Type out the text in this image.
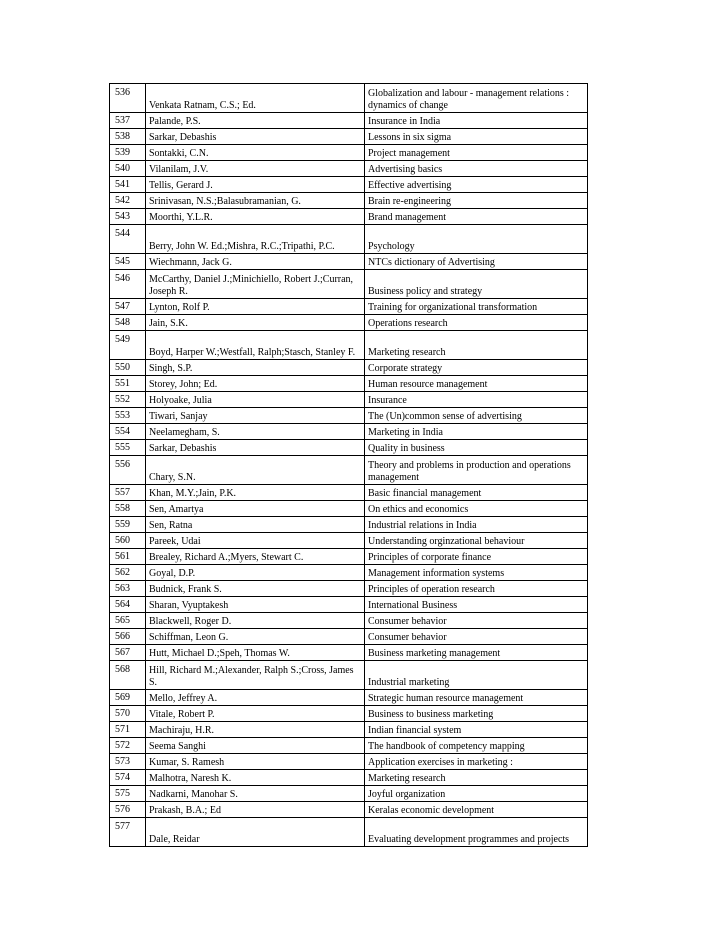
536	Venkata Ratnam, C.S.; Ed.	Globalization and labour - management relations : dynamics of change
537	Palande, P.S.	Insurance in India
538	Sarkar, Debashis	Lessons in six sigma
539	Sontakki, C.N.	Project management
540	Vilanilam, J.V.	Advertising basics
541	Tellis, Gerard J.	Effective advertising
542	Srinivasan, N.S.;Balasubramanian, G.	Brain re-engineering
543	Moorthi, Y.L.R.	Brand management
544	Berry, John W. Ed.;Mishra, R.C.;Tripathi, P.C.	Psychology
545	Wiechmann, Jack G.	NTCs dictionary of Advertising
546	McCarthy, Daniel J.;Minichiello, Robert J.;Curran, Joseph R.	Business policy and strategy
547	Lynton, Rolf P.	Training for organizational transformation
548	Jain, S.K.	Operations research
549	Boyd, Harper W.;Westfall, Ralph;Stasch, Stanley F.	Marketing research
550	Singh, S.P.	Corporate strategy
551	Storey, John; Ed.	Human resource management
552	Holyoake, Julia	Insurance
553	Tiwari, Sanjay	The (Un)common sense of advertising
554	Neelamegham, S.	Marketing in India
555	Sarkar, Debashis	Quality in business
556	Chary, S.N.	Theory and problems in production and operations management
557	Khan, M.Y.;Jain, P.K.	Basic financial management
558	Sen, Amartya	On ethics and economics
559	Sen, Ratna	Industrial relations in India
560	Pareek, Udai	Understanding orginzational behaviour
561	Brealey, Richard A.;Myers, Stewart C.	Principles of corporate finance
562	Goyal, D.P.	Management information systems
563	Budnick, Frank S.	Principles of operation research
564	Sharan, Vyuptakesh	International Business
565	Blackwell, Roger D.	Consumer behavior
566	Schiffman, Leon G.	Consumer behavior
567	Hutt, Michael D.;Speh, Thomas W.	Business marketing management
568	Hill, Richard M.;Alexander, Ralph S.;Cross, James S.	Industrial marketing
569	Mello, Jeffrey A.	Strategic human resource management
570	Vitale, Robert P.	Business to business marketing
571	Machiraju, H.R.	Indian financial system
572	Seema Sanghi	The handbook of competency mapping
573	Kumar, S. Ramesh	Application exercises in marketing :
574	Malhotra, Naresh K.	Marketing research
575	Nadkarni, Manohar S.	Joyful organization
576	Prakash, B.A.; Ed	Keralas economic development
577	Dale, Reidar	Evaluating development programmes and projects
